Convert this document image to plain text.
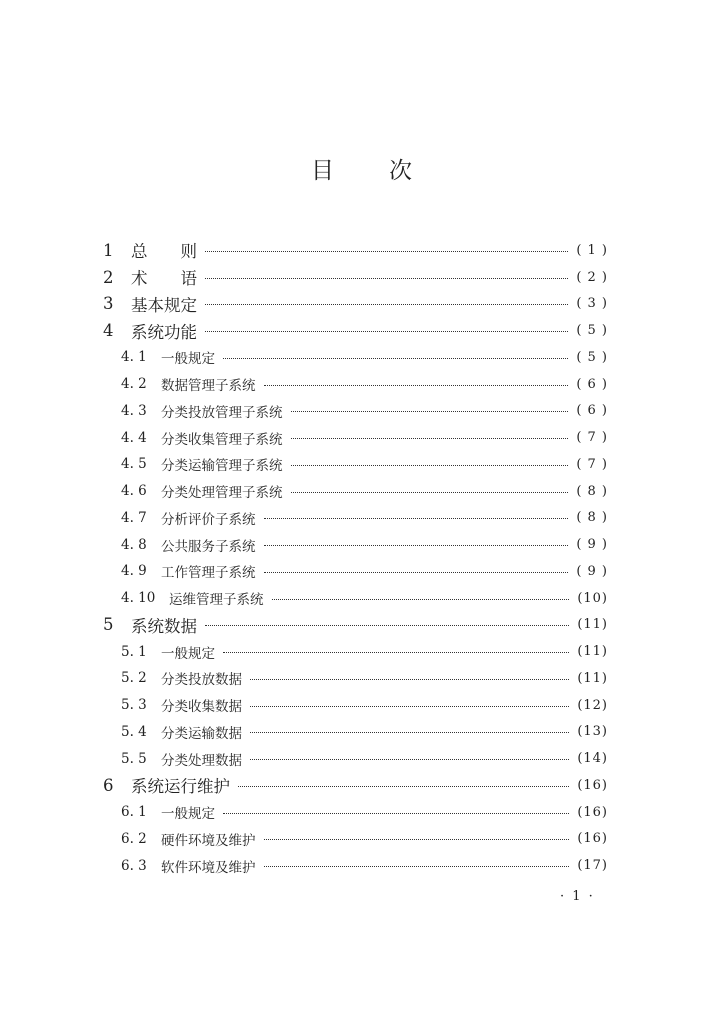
目 次
1	总　　则	( 1 )
2	术　　语	( 2 )
3	基本规定	( 3 )
4	系统功能	( 5 )
4. 1	一般规定	( 5 )
4. 2	数据管理子系统	( 6 )
4. 3	分类投放管理子系统	( 6 )
4. 4	分类收集管理子系统	( 7 )
4. 5	分类运输管理子系统	( 7 )
4. 6	分类处理管理子系统	( 8 )
4. 7	分析评价子系统	( 8 )
4. 8	公共服务子系统	( 9 )
4. 9	工作管理子系统	( 9 )
4. 10	运维管理子系统	(10)
5	系统数据	(11)
5. 1	一般规定	(11)
5. 2	分类投放数据	(11)
5. 3	分类收集数据	(12)
5. 4	分类运输数据	(13)
5. 5	分类处理数据	(14)
6	系统运行维护	(16)
6. 1	一般规定	(16)
6. 2	硬件环境及维护	(16)
6. 3	软件环境及维护	(17)
· 1 ·
